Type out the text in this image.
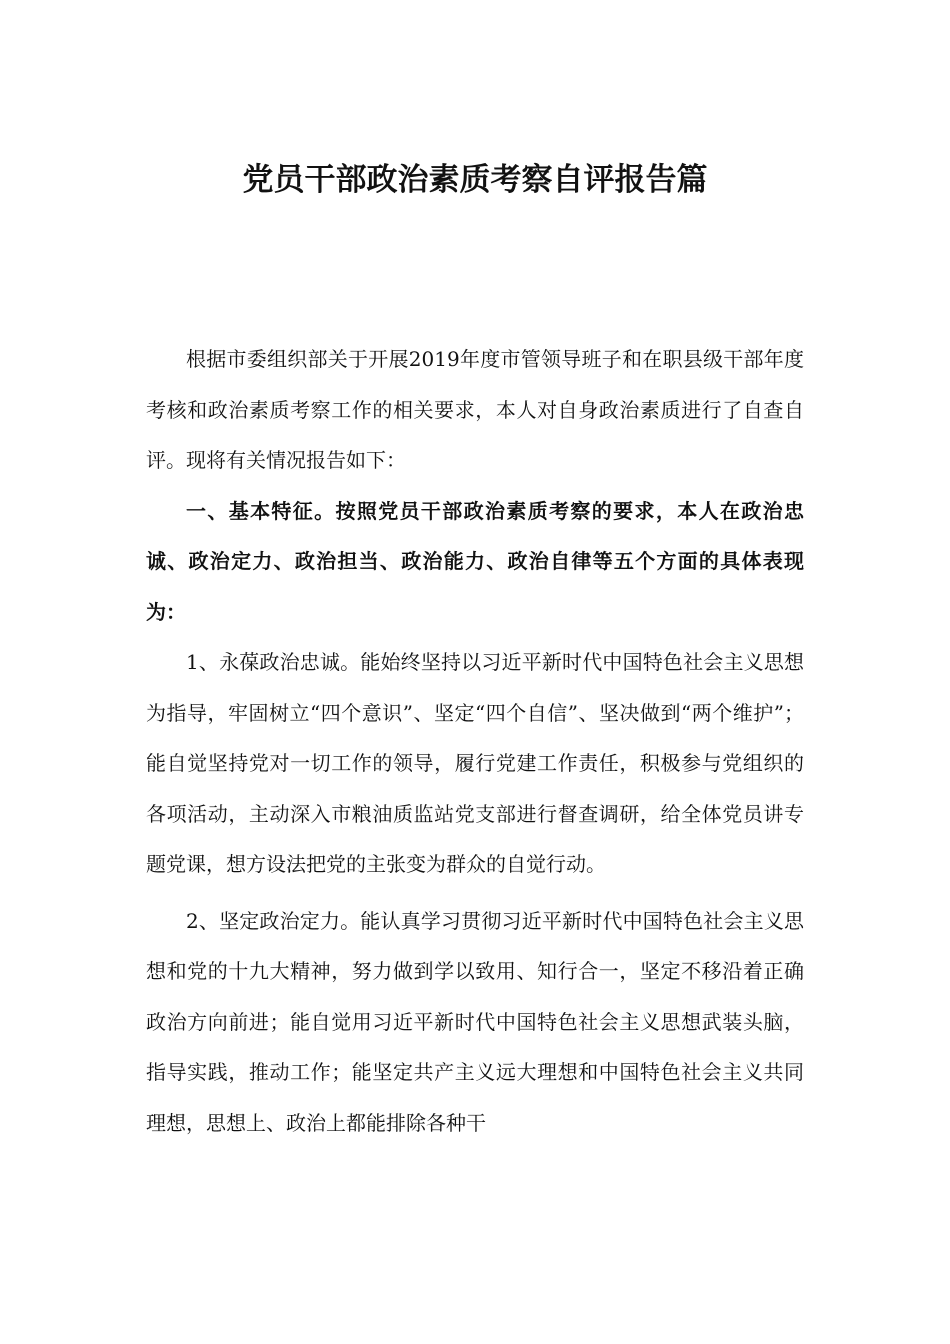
党员干部政治素质考察自评报告篇

根据市委组织部关于开展2019年度市管领导班子和在职县级干部年度考核和政治素质考察工作的相关要求，本人对自身政治素质进行了自查自评。现将有关情况报告如下：

一、基本特征。按照党员干部政治素质考察的要求，本人在政治忠诚、政治定力、政治担当、政治能力、政治自律等五个方面的具体表现为：

1、永葆政治忠诚。能始终坚持以习近平新时代中国特色社会主义思想为指导，牢固树立“四个意识”、坚定“四个自信”、坚决做到“两个维护”；能自觉坚持党对一切工作的领导，履行党建工作责任，积极参与党组织的各项活动，主动深入市粮油质监站党支部进行督查调研，给全体党员讲专题党课，想方设法把党的主张变为群众的自觉行动。

2、坚定政治定力。能认真学习贯彻习近平新时代中国特色社会主义思想和党的十九大精神，努力做到学以致用、知行合一，坚定不移沿着正确政治方向前进；能自觉用习近平新时代中国特色社会主义思想武装头脑，指导实践，推动工作；能坚定共产主义远大理想和中国特色社会主义共同理想，思想上、政治上都能排除各种干
